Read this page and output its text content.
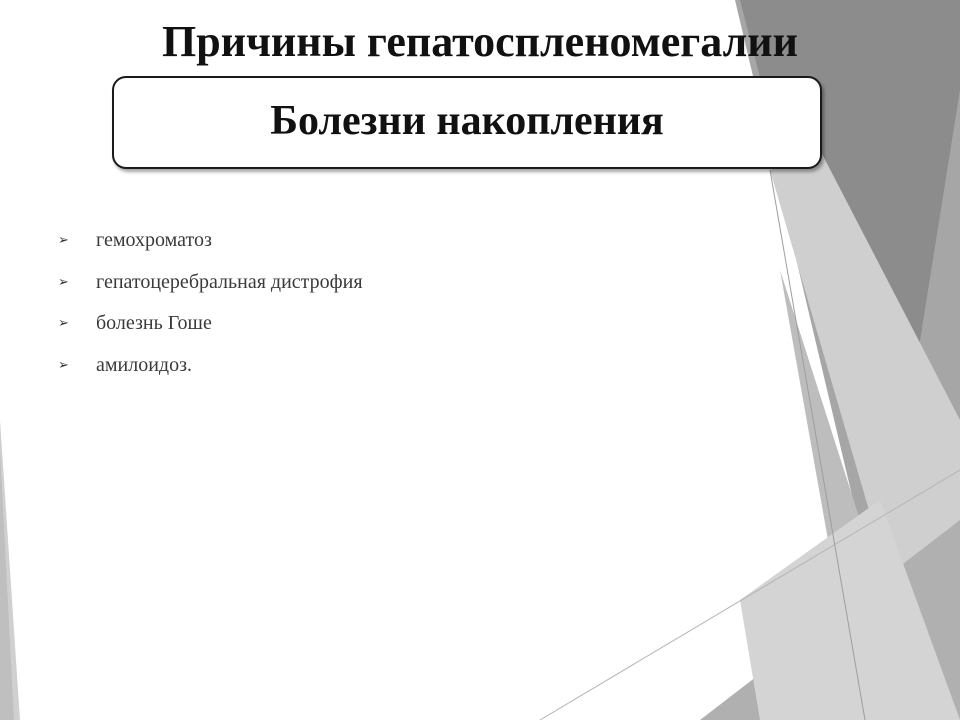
Причины гепатоспленомегалии
Болезни накопления
➢	гемохроматоз
➢	гепатоцеребральная дистрофия
➢	болезнь Гоше
➢	амилоидоз.
